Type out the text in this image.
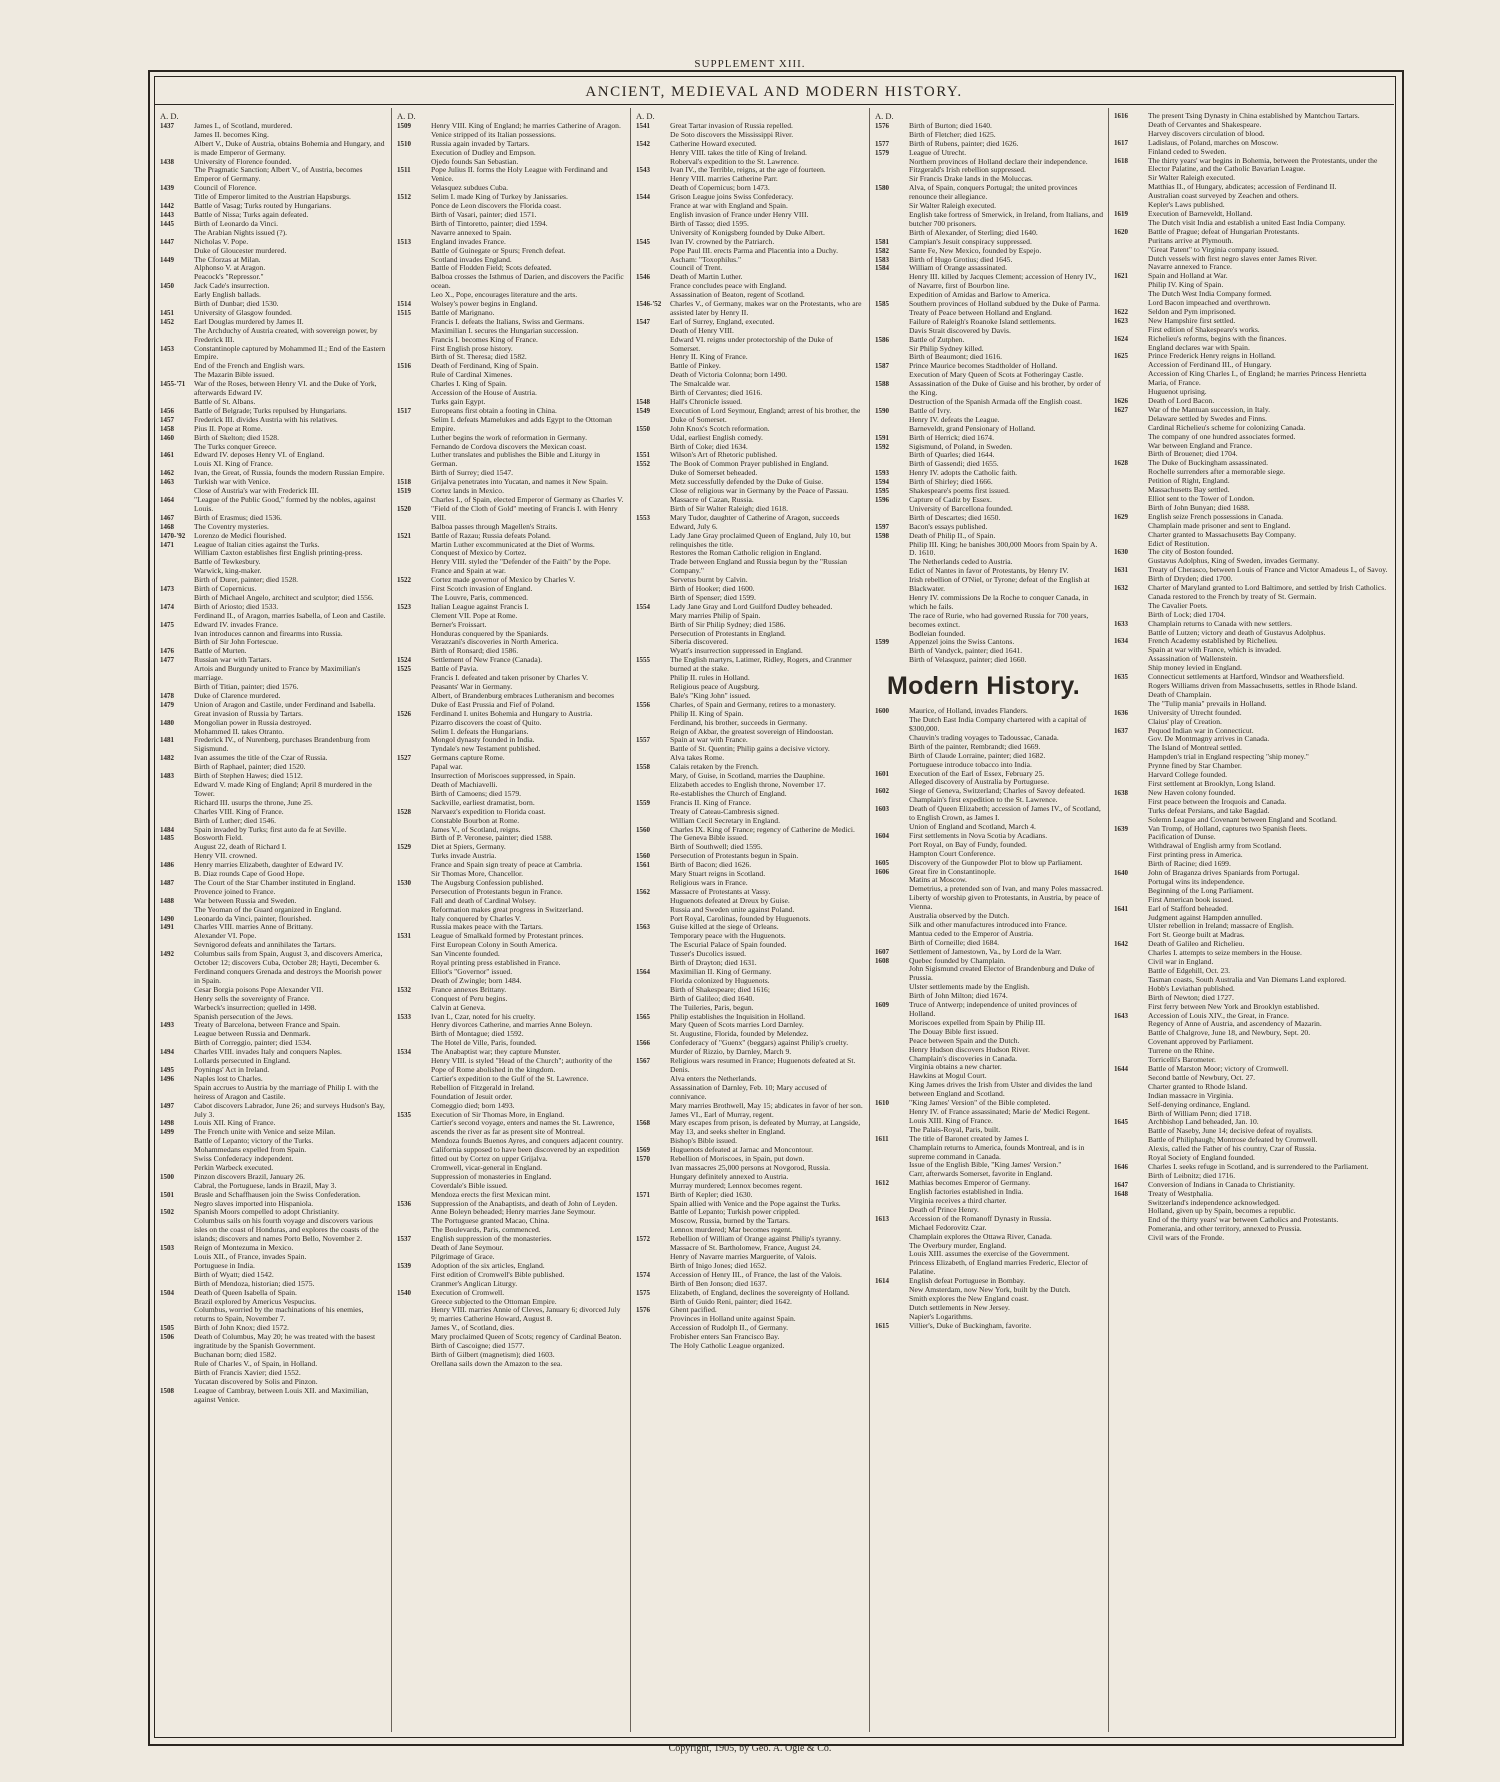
SUPPLEMENT XIII.
ANCIENT, MEDIEVAL AND MODERN HISTORY.
A. D.
1437	James I., of Scotland, murdered.
James II. becomes King.
Albert V., Duke of Austria, obtains Bohemia and Hungary, and is made Emperor of Germany.
1438	University of Florence founded.
The Pragmatic Sanction; Albert V., of Austria, becomes Emperor of Germany.
1439	Council of Florence.
Title of Emperor limited to the Austrian Hapsburgs.
1442	Battle of Vasag; Turks routed by Hungarians.
1443	Battle of Nissa; Turks again defeated.
1445	Birth of Leonardo da Vinci.
The Arabian Nights issued (?).
1447	Nicholas V. Pope.
Duke of Gloucester murdered.
1449	The Cforzas at Milan.
Alphonso V. at Aragon.
Peacock's "Repressor."
1450	Jack Cade's insurrection.
Early English ballads.
Birth of Dunbar; died 1530.
1451	University of Glasgow founded.
1452	Earl Douglas murdered by James II.
The Archduchy of Austria created, with sovereign power, by Frederick III.
1453	Constantinople captured by Mohammed II.; End of the Eastern Empire.
End of the French and English wars.
The Mazarin Bible issued.
1455-'71	War of the Roses, between Henry VI. and the Duke of York, afterwards Edward IV.
Battle of St. Albans.
1456	Battle of Belgrade; Turks repulsed by Hungarians.
1457	Frederick III. divides Austria with his relatives.
1458	Pius II. Pope at Rome.
1460	Birth of Skelton; died 1528.
The Turks conquer Greece.
1461	Edward IV. deposes Henry VI. of England.
Louis XI. King of France.
1462	Ivan, the Great, of Russia, founds the modern Russian Empire.
1463	Turkish war with Venice.
Close of Austria's war with Frederick III.
1464	"League of the Public Good," formed by the nobles, against Louis.
1467	Birth of Erasmus; died 1536.
1468	The Coventry mysteries.
1470-'92	Lorenzo de Medici flourished.
1471	League of Italian cities against the Turks.
William Caxton establishes first English printing-press.
Battle of Tewkesbury.
Warwick, king-maker.
Birth of Durer, painter; died 1528.
1473	Birth of Copernicus.
Birth of Michael Angelo, architect and sculptor; died 1556.
1474	Birth of Ariosto; died 1533.
Ferdinand II., of Aragon, marries Isabella, of Leon and Castile.
1475	Edward IV. invades France.
Ivan introduces cannon and firearms into Russia.
Birth of Sir John Fortescue.
1476	Battle of Murten.
1477	Russian war with Tartars.
Artois and Burgundy united to France by Maximilian's marriage.
Birth of Titian, painter; died 1576.
1478	Duke of Clarence murdered.
1479	Union of Aragon and Castile, under Ferdinand and Isabella.
Great invasion of Russia by Tartars.
1480	Mongolian power in Russia destroyed.
Mohammed II. takes Otranto.
1481	Frederick IV., of Nurenberg, purchases Brandenburg from Sigismund.
1482	Ivan assumes the title of the Czar of Russia.
Birth of Raphael, painter; died 1520.
1483	Birth of Stephen Hawes; died 1512.
Edward V. made King of England; April 8 murdered in the Tower.
Richard III. usurps the throne, June 25.
Charles VIII. King of France.
Birth of Luther; died 1546.
1484	Spain invaded by Turks; first auto da fe at Seville.
1485	Bosworth Field.
August 22, death of Richard I.
Henry VII. crowned.
1486	Henry marries Elizabeth, daughter of Edward IV.
B. Diaz rounds Cape of Good Hope.
1487	The Court of the Star Chamber instituted in England.
Provence joined to France.
1488	War between Russia and Sweden.
The Yeoman of the Guard organized in England.
1490	Leonardo da Vinci, painter, flourished.
1491	Charles VIII. marries Anne of Brittany.
Alexander VI. Pope.
Sevnigorod defeats and annihilates the Tartars.
1492	Columbus sails from Spain, August 3, and discovers America, October 12; discovers Cuba, October 28; Hayti, December 6.
Ferdinand conquers Grenada and destroys the Moorish power in Spain.
Cesar Borgia poisons Pope Alexander VII.
Henry sells the sovereignty of France.
Warbeck's insurrection; quelled in 1498.
Spanish persecution of the Jews.
1493	Treaty of Barcelona, between France and Spain.
League between Russia and Denmark.
Birth of Correggio, painter; died 1534.
1494	Charles VIII. invades Italy and conquers Naples.
Lollards persecuted in England.
1495	Poynings' Act in Ireland.
1496	Naples lost to Charles.
Spain accrues to Austria by the marriage of Philip I. with the heiress of Aragon and Castile.
1497	Cabot discovers Labrador, June 26; and surveys Hudson's Bay, July 3.
1498	Louis XII. King of France.
1499	The French unite with Venice and seize Milan.
Battle of Lepanto; victory of the Turks.
Mohammedans expelled from Spain.
Swiss Confederacy independent.
Perkin Warbeck executed.
1500	Pinzon discovers Brazil, January 26.
Cabral, the Portuguese, lands in Brazil, May 3.
1501	Brasle and Schaffhausen join the Swiss Confederation.
Negro slaves imported into Hispaniola.
1502	Spanish Moors compelled to adopt Christianity.
Columbus sails on his fourth voyage and discovers various isles on the coast of Honduras, and explores the coasts of the islands; discovers and names Porto Bello, November 2.
1503	Reign of Montezuma in Mexico.
Louis XII., of France, invades Spain.
Portuguese in India.
Birth of Wyatt; died 1542.
Birth of Mendoza, historian; died 1575.
1504	Death of Queen Isabella of Spain.
Brazil explored by Americus Vespucius.
Columbus, worried by the machinations of his enemies, returns to Spain, November 7.
1505	Birth of John Knox; died 1572.
1506	Death of Columbus, May 20; he was treated with the basest ingratitude by the Spanish Government.
Buchanan born; died 1582.
Rule of Charles V., of Spain, in Holland.
Birth of Francis Xavier; died 1552.
Yucatan discovered by Solis and Pinzon.
1508	League of Cambray, between Louis XII. and Maximilian, against Venice.
A. D.
1509	Henry VIII. King of England; he marries Catherine of Aragon.
Venice stripped of its Italian possessions.
1510	Russia again invaded by Tartars.
Execution of Dudley and Empson.
Ojedo founds San Sebastian.
1511	Pope Julius II. forms the Holy League with Ferdinand and Venice.
Velasquez subdues Cuba.
1512	Selim I. made King of Turkey by Janissaries.
Ponce de Leon discovers the Florida coast.
Birth of Vasari, painter; died 1571.
Birth of Tintoretto, painter; died 1594.
Navarre annexed to Spain.
1513	England invades France.
Battle of Guinegate or Spurs; French defeat.
Scotland invades England.
Battle of Flodden Field; Scots defeated.
Balboa crosses the Isthmus of Darien, and discovers the Pacific ocean.
Leo X., Pope, encourages literature and the arts.
1514	Wolsey's power begins in England.
1515	Battle of Marignano.
Francis I. defeats the Italians, Swiss and Germans.
Maximilian I. secures the Hungarian succession.
Francis I. becomes King of France.
First English prose history.
Birth of St. Theresa; died 1582.
1516	Death of Ferdinand, King of Spain.
Rule of Cardinal Ximenes.
Charles I. King of Spain.
Accession of the House of Austria.
Turks gain Egypt.
1517	Europeans first obtain a footing in China.
Selim I. defeats Mamelukes and adds Egypt to the Ottoman Empire.
Luther begins the work of reformation in Germany.
Fernando de Cordova discovers the Mexican coast.
Luther translates and publishes the Bible and Liturgy in German.
Birth of Surrey; died 1547.
1518	Grijalva penetrates into Yucatan, and names it New Spain.
1519	Cortez lands in Mexico.
Charles I., of Spain, elected Emperor of Germany as Charles V.
1520	"Field of the Cloth of Gold" meeting of Francis I. with Henry VIII.
Balboa passes through Magellen's Straits.
1521	Battle of Razau; Russia defeats Poland.
Martin Luther excommunicated at the Diet of Worms.
Conquest of Mexico by Cortez.
Henry VIII. styled the "Defender of the Faith" by the Pope.
France and Spain at war.
1522	Cortez made governor of Mexico by Charles V.
First Scotch invasion of England.
The Louvre, Paris, commenced.
1523	Italian League against Francis I.
Clement VII. Pope at Rome.
Berner's Froissart.
Honduras conquered by the Spaniards.
Verazzani's discoveries in North America.
Birth of Ronsard; died 1586.
1524	Settlement of New France (Canada).
1525	Battle of Pavia.
Francis I. defeated and taken prisoner by Charles V.
Peasants' War in Germany.
Albert, of Brandenburg embraces Lutheranism and becomes Duke of East Prussia and Fief of Poland.
1526	Ferdinand I. unites Bohemia and Hungary to Austria.
Pizarro discovers the coast of Quito.
Selim I. defeats the Hungarians.
Mongol dynasty founded in India.
Tyndale's new Testament published.
1527	Germans capture Rome.
Papal war.
Insurrection of Moriscoes suppressed, in Spain.
Death of Machiavelli.
Birth of Camoens; died 1579.
Sackville, earliest dramatist, born.
1528	Narvaez's expedition to Florida coast.
Constable Bourbon at Rome.
James V., of Scotland, reigns.
Birth of P. Veronese, painter; died 1588.
1529	Diet at Spiers, Germany.
Turks invade Austria.
France and Spain sign treaty of peace at Cambria.
Sir Thomas More, Chancellor.
1530	The Augsburg Confession published.
Persecution of Protestants begun in France.
Fall and death of Cardinal Wolsey.
Reformation makes great progress in Switzerland.
Italy conquered by Charles V.
Russia makes peace with the Tartars.
1531	League of Smalkald formed by Protestant princes.
First European Colony in South America.
San Vincente founded.
Royal printing press established in France.
Elliot's "Governor" issued.
Death of Zwingle; born 1484.
1532	France annexes Brittany.
Conquest of Peru begins.
Calvin at Geneva.
1533	Ivan I., Czar, noted for his cruelty.
Henry divorces Catherine, and marries Anne Boleyn.
Birth of Montague; died 1592.
The Hotel de Ville, Paris, founded.
1534	The Anabaptist war; they capture Munster.
Henry VIII. is styled "Head of the Church"; authority of the Pope of Rome abolished in the kingdom.
Cartier's expedition to the Gulf of the St. Lawrence.
Rebellion of Fitzgerald in Ireland.
Foundation of Jesuit order.
Comeggio died; born 1493.
1535	Execution of Sir Thomas More, in England.
Cartier's second voyage, enters and names the St. Lawrence, ascends the river as far as present site of Montreal.
Mendoza founds Buenos Ayres, and conquers adjacent country.
California supposed to have been discovered by an expedition fitted out by Cortez on upper Grijalva.
Cromwell, vicar-general in England.
Suppression of monasteries in England.
Coverdale's Bible issued.
Mendoza erects the first Mexican mint.
1536	Suppression of the Anabaptists, and death of John of Leyden.
Anne Boleyn beheaded; Henry marries Jane Seymour.
The Portuguese granted Macao, China.
The Boulevards, Paris, commenced.
1537	English suppression of the monasteries.
Death of Jane Seymour.
Pilgrimage of Grace.
1539	Adoption of the six articles, England.
First edition of Cromwell's Bible published.
Cranmer's Anglican Liturgy.
1540	Execution of Cromwell.
Greece subjected to the Ottoman Empire.
Henry VIII. marries Annie of Cleves, January 6; divorced July 9; marries Catherine Howard, August 8.
James V., of Scotland, dies.
Mary proclaimed Queen of Scots; regency of Cardinal Beaton.
Birth of Cascoigne; died 1577.
Birth of Gilbert (magnetism); died 1603.
Orellana sails down the Amazon to the sea.
A. D.
1541	Great Tartar invasion of Russia repelled.
De Soto discovers the Mississippi River.
1542	Catherine Howard executed.
Henry VIII. takes the title of King of Ireland.
Roberval's expedition to the St. Lawrence.
1543	Ivan IV., the Terrible, reigns, at the age of fourteen.
Henry VIII. marries Catherine Parr.
Death of Copernicus; born 1473.
1544	Grison League joins Swiss Confederacy.
France at war with England and Spain.
English invasion of France under Henry VIII.
Birth of Tasso; died 1595.
University of Konigsberg founded by Duke Albert.
1545	Ivan IV. crowned by the Patriarch.
Pope Paul III. erects Parma and Placentia into a Duchy.
Ascham: "Toxophilus."
Council of Trent.
1546	Death of Martin Luther.
France concludes peace with England.
Assassination of Beaton, regent of Scotland.
1546-'52	Charles V., of Germany, makes war on the Protestants, who are assisted later by Henry II.
1547	Earl of Surrey, England, executed.
Death of Henry VIII.
Edward VI. reigns under protectorship of the Duke of Somerset.
Henry II. King of France.
Battle of Pinkey.
Death of Victoria Colonna; born 1490.
The Smalcalde war.
Birth of Cervantes; died 1616.
1548	Hall's Chronicle issued.
1549	Execution of Lord Seymour, England; arrest of his brother, the Duke of Somerset.
1550	John Knox's Scotch reformation.
Udal, earliest English comedy.
Birth of Coke; died 1634.
1551	Wilson's Art of Rhetoric published.
1552	The Book of Common Prayer published in England.
Duke of Somerset beheaded.
Metz successfully defended by the Duke of Guise.
Close of religious war in Germany by the Peace of Passau.
Massacre of Cazan, Russia.
Birth of Sir Walter Raleigh; died 1618.
1553	Mary Tudor, daughter of Catherine of Aragon, succeeds Edward, July 6.
Lady Jane Gray proclaimed Queen of England, July 10, but relinquishes the title.
Restores the Roman Catholic religion in England.
Trade between England and Russia begun by the "Russian Company."
Servetus burnt by Calvin.
Birth of Hooker; died 1600.
Birth of Spenser; died 1599.
1554	Lady Jane Gray and Lord Guilford Dudley beheaded.
Mary marries Philip of Spain.
Birth of Sir Philip Sydney; died 1586.
Persecution of Protestants in England.
Siberia discovered.
Wyatt's insurrection suppressed in England.
1555	The English martyrs, Latimer, Ridley, Rogers, and Cranmer burned at the stake.
Philip II. rules in Holland.
Religious peace of Augsburg.
Bale's "King John" issued.
1556	Charles, of Spain and Germany, retires to a monastery.
Philip II. King of Spain.
Ferdinand, his brother, succeeds in Germany.
Reign of Akbar, the greatest sovereign of Hindoostan.
1557	Spain at war with France.
Battle of St. Quentin; Philip gains a decisive victory.
Alva takes Rome.
1558	Calais retaken by the French.
Mary, of Guise, in Scotland, marries the Dauphine.
Elizabeth accedes to English throne, November 17.
Re-establishes the Church of England.
1559	Francis II. King of France.
Treaty of Cateau-Cambresis signed.
William Cecil Secretary in England.
1560	Charles IX. King of France; regency of Catherine de Medici.
The Geneva Bible issued.
Birth of Southwell; died 1595.
1560	Persecution of Protestants begun in Spain.
1561	Birth of Bacon; died 1626.
Mary Stuart reigns in Scotland.
Religious wars in France.
1562	Massacre of Protestants at Vassy.
Huguenots defeated at Dreux by Guise.
Russia and Sweden unite against Poland.
Port Royal, Carolinas, founded by Huguenots.
1563	Guise killed at the siege of Orleans.
Temporary peace with the Huguenots.
The Escurial Palace of Spain founded.
Tusser's Ducolics issued.
Birth of Drayton; died 1631.
1564	Maximilian II. King of Germany.
Florida colonized by Huguenots.
Birth of Shakespeare; died 1616;
Birth of Galileo; died 1640.
The Tuileries, Paris, begun.
1565	Philip establishes the Inquisition in Holland.
Mary Queen of Scots marries Lord Darnley.
St. Augustine, Florida, founded by Melendez.
1566	Confederacy of "Guenx" (beggars) against Philip's cruelty.
Murder of Rizzio, by Darnley, March 9.
1567	Religious wars resumed in France; Huguenots defeated at St. Denis.
Alva enters the Netherlands.
Assassination of Darnley, Feb. 10; Mary accused of connivance.
Mary marries Brothwell, May 15; abdicates in favor of her son.
James VI., Earl of Murray, regent.
1568	Mary escapes from prison, is defeated by Murray, at Langside, May 13, and seeks shelter in England.
Bishop's Bible issued.
1569	Huguenots defeated at Jarnac and Moncontour.
1570	Rebellion of Moriscoes, in Spain, put down.
Ivan massacres 25,000 persons at Novgorod, Russia.
Hungary definitely annexed to Austria.
Murray murdered; Lennox becomes regent.
1571	Birth of Kepler; died 1630.
Spain allied with Venice and the Pope against the Turks.
Battle of Lepanto; Turkish power crippled.
Moscow, Russia, burned by the Tartars.
Lennox murdered; Mar becomes regent.
1572	Rebellion of William of Orange against Philip's tyranny.
Massacre of St. Bartholomew, France, August 24.
Henry of Navarre marries Marguerite, of Valois.
Birth of Inigo Jones; died 1652.
1574	Accession of Henry III., of France, the last of the Valois.
Birth of Ben Jonson; died 1637.
1575	Elizabeth, of England, declines the sovereignty of Holland.
Birth of Guido Reni, painter; died 1642.
1576	Ghent pacified.
Provinces in Holland unite against Spain.
Accession of Rudolph II., of Germany.
Frobisher enters San Francisco Bay.
The Holy Catholic League organized.
A. D.
1576	Birth of Burton; died 1640.
Birth of Fletcher; died 1625.
1577	Birth of Rubens, painter; died 1626.
1579	League of Utrecht.
Northern provinces of Holland declare their independence.
Fitzgerald's Irish rebellion suppressed.
Sir Francis Drake lands in the Moluccas.
1580	Alva, of Spain, conquers Portugal; the united provinces renounce their allegiance.
Sir Walter Raleigh executed.
English take fortress of Smerwick, in Ireland, from Italians, and butcher 700 prisoners.
Birth of Alexander, of Sterling; died 1640.
1581	Campian's Jesuit conspiracy suppressed.
1582	Sante Fe, New Mexico, founded by Espejo.
1583	Birth of Hugo Grotius; died 1645.
1584	William of Orange assassinated.
Henry III. killed by Jacques Clement; accession of Henry IV., of Navarre, first of Bourbon line.
Expedition of Amidas and Barlow to America.
1585	Southern provinces of Holland subdued by the Duke of Parma.
Treaty of Peace between Holland and England.
Failure of Raleigh's Roanoke Island settlements.
Davis Strait discovered by Davis.
1586	Battle of Zutphen.
Sir Philip Sydney killed.
Birth of Beaumont; died 1616.
1587	Prince Maurice becomes Stadtholder of Holland.
Execution of Mary Queen of Scots at Fotheringay Castle.
1588	Assassination of the Duke of Guise and his brother, by order of the King.
Destruction of the Spanish Armada off the English coast.
1590	Battle of Ivry.
Henry IV. defeats the League.
Barneveldt, grand Pensionary of Holland.
1591	Birth of Herrick; died 1674.
1592	Sigismund, of Poland, in Sweden.
Birth of Quarles; died 1644.
Birth of Gassendi; died 1655.
1593	Henry IV. adopts the Catholic faith.
1594	Birth of Shirley; died 1666.
1595	Shakespeare's poems first issued.
1596	Capture of Cadiz by Essex.
University of Barcellona founded.
Birth of Descartes; died 1650.
1597	Bacon's essays published.
1598	Death of Philip II., of Spain.
Philip III. King; he banishes 300,000 Moors from Spain by A. D. 1610.
The Netherlands ceded to Austria.
Edict of Nantes in favor of Protestants, by Henry IV.
Irish rebellion of O'Niel, or Tyrone; defeat of the English at Blackwater.
Henry IV. commissions De la Roche to conquer Canada, in which he fails.
The race of Rurie, who had governed Russia for 700 years, becomes extinct.
Bodleian founded.
1599	Appenzel joins the Swiss Cantons.
Birth of Vandyck, painter; died 1641.
Birth of Velasquez, painter; died 1660.
Modern History.
1600	Maurice, of Holland, invades Flanders.
The Dutch East India Company chartered with a capital of $300,000.
Chauvin's trading voyages to Tadoussac, Canada.
Birth of the painter, Rembrandt; died 1669.
Birth of Claude Lorraine, painter; died 1682.
Portuguese introduce tobacco into India.
1601	Execution of the Earl of Essex, February 25.
Alleged discovery of Australia by Portuguese.
1602	Siege of Geneva, Switzerland; Charles of Savoy defeated.
Champlain's first expedition to the St. Lawrence.
1603	Death of Queen Elizabeth; accession of James IV., of Scotland, to English Crown, as James I.
Union of England and Scotland, March 4.
1604	First settlements in Nova Scotia by Acadians.
Port Royal, on Bay of Fundy, founded.
Hampton Court Conference.
1605	Discovery of the Gunpowder Plot to blow up Parliament.
1606	Great fire in Constantinople.
Matins at Moscow.
Demetrius, a pretended son of Ivan, and many Poles massacred.
Liberty of worship given to Protestants, in Austria, by peace of Vienna.
Australia observed by the Dutch.
Silk and other manufactures introduced into France.
Mantua ceded to the Emperor of Austria.
Birth of Corneille; died 1684.
1607	Settlement of Jamestown, Va., by Lord de la Warr.
1608	Quebec founded by Champlain.
John Sigismund created Elector of Brandenburg and Duke of Prussia.
Ulster settlements made by the English.
Birth of John Milton; died 1674.
1609	Truce of Antwerp; independence of united provinces of Holland.
Moriscoes expelled from Spain by Philip III.
The Douay Bible first issued.
Peace between Spain and the Dutch.
Henry Hudson discovers Hudson River.
Champlain's discoveries in Canada.
Virginia obtains a new charter.
Hawkins at Mogul Court.
King James drives the Irish from Ulster and divides the land between England and Scotland.
1610	"King James' Version" of the Bible completed.
Henry IV. of France assassinated; Marie de' Medici Regent.
Louis XIII. King of France.
The Palais-Royal, Paris, built.
1611	The title of Baronet created by James I.
Champlain returns to America, founds Montreal, and is in supreme command in Canada.
Issue of the English Bible, "King James' Version."
Carr, afterwards Somerset, favorite in England.
1612	Mathias becomes Emperor of Germany.
English factories established in India.
Virginia receives a third charter.
Death of Prince Henry.
1613	Accession of the Romanoff Dynasty in Russia.
Michael Fedorovitz Czar.
Champlain explores the Ottawa River, Canada.
The Overbury murder, England.
Louis XIII. assumes the exercise of the Government.
Princess Elizabeth, of England marries Frederic, Elector of Palatine.
1614	English defeat Portuguese in Bombay.
New Amsterdam, now New York, built by the Dutch.
Smith explores the New England coast.
Dutch settlements in New Jersey.
Napier's Logarithms.
1615	Villier's, Duke of Buckingham, favorite.
1616	The present Tsing Dynasty in China established by Mantchou Tartars.
Death of Cervantes and Shakespeare.
Harvey discovers circulation of blood.
1617	Ladislaus, of Poland, marches on Moscow.
Finland ceded to Sweden.
1618	The thirty years' war begins in Bohemia, between the Protestants, under the Elector Palatine, and the Catholic Bavarian League.
Sir Walter Raleigh executed.
Matthias II., of Hungary, abdicates; accession of Ferdinand II.
Australian coast surveyed by Zeachen and others.
Kepler's Laws published.
1619	Execution of Barneveldt, Holland.
The Dutch visit India and establish a united East India Company.
1620	Battle of Prague; defeat of Hungarian Protestants.
Puritans arrive at Plymouth.
"Great Patent" to Virginia company issued.
Dutch vessels with first negro slaves enter James River.
Navarre annexed to France.
1621	Spain and Holland at War.
Philip IV. King of Spain.
The Dutch West India Company formed.
Lord Bacon impeached and overthrown.
1622	Seldon and Pym imprisoned.
1623	New Hampshire first settled.
First edition of Shakespeare's works.
1624	Richelieu's reforms, begins with the finances.
England declares war with Spain.
1625	Prince Frederick Henry reigns in Holland.
Accession of Ferdinand III., of Hungary.
Accession of King Charles I., of England; he marries Princess Henrietta Maria, of France.
Huguenot uprising.
1626	Death of Lord Bacon.
1627	War of the Mantuan succession, in Italy.
Delaware settled by Swedes and Finns.
Cardinal Richelieu's scheme for colonizing Canada.
The company of one hundred associates formed.
War between England and France.
Birth of Brouenet; died 1704.
1628	The Duke of Buckingham assassinated.
Rochelle surrenders after a memorable siege.
Petition of Right, England.
Massachusetts Bay settled.
Elliot sent to the Tower of London.
Birth of John Bunyan; died 1688.
1629	English seize French possessions in Canada.
Champlain made prisoner and sent to England.
Charter granted to Massachusetts Bay Company.
Edict of Restitution.
1630	The city of Boston founded.
Gustavus Adolphus, King of Sweden, invades Germany.
1631	Treaty of Cherasco, between Louis of France and Victor Amadeus I., of Savoy.
Birth of Dryden; died 1700.
1632	Charter of Maryland granted to Lord Baltimore, and settled by Irish Catholics.
Canada restored to the French by treaty of St. Germain.
The Cavalier Poets.
Birth of Lock; died 1704.
1633	Champlain returns to Canada with new settlers.
Battle of Lutzen; victory and death of Gustavus Adolphus.
1634	French Academy established by Richelieu.
Spain at war with France, which is invaded.
Assassination of Wallenstein.
Ship money levied in England.
1635	Connecticut settlements at Hartford, Windsor and Weathersfield.
Rogers Williams driven from Massachusetts, settles in Rhode Island.
Death of Champlain.
The "Tulip mania" prevails in Holland.
1636	University of Utrecht founded.
Claius' play of Creation.
1637	Pequod Indian war in Connecticut.
Gov. De Montmagny arrives in Canada.
The Island of Montreal settled.
Hampden's trial in England respecting "ship money."
Prynne fined by Star Chamber.
Harvard College founded.
First settlement at Brooklyn, Long Island.
1638	New Haven colony founded.
First peace between the Iroquois and Canada.
Turks defeat Persians, and take Bagdad.
Solemn League and Covenant between England and Scotland.
1639	Van Tromp, of Holland, captures two Spanish fleets.
Pacification of Dunse.
Withdrawal of English army from Scotland.
First printing press in America.
Birth of Racine; died 1699.
1640	John of Braganza drives Spaniards from Portugal.
Portugal wins its independence.
Beginning of the Long Parliament.
First American book issued.
1641	Earl of Stafford beheaded.
Judgment against Hampden annulled.
Ulster rebellion in Ireland; massacre of English.
Fort St. George built at Madras.
1642	Death of Galileo and Richelieu.
Charles I. attempts to seize members in the House.
Civil war in England.
Battle of Edgehill, Oct. 23.
Tasman coasts, South Australia and Van Diemans Land explored.
Hobb's Leviathan published.
Birth of Newton; died 1727.
First ferry between New York and Brooklyn established.
1643	Accession of Louis XIV., the Great, in France.
Regency of Anne of Austria, and ascendency of Mazarin.
Battle of Chalgrove, June 18, and Newbury, Sept. 20.
Covenant approved by Parliament.
Turrene on the Rhine.
Torricelli's Barometer.
1644	Battle of Marston Moor; victory of Cromwell.
Second battle of Newbury, Oct. 27.
Charter granted to Rhode Island.
Indian massacre in Virginia.
Self-denying ordinance, England.
Birth of William Penn; died 1718.
1645	Archbishop Land beheaded, Jan. 10.
Battle of Naseby, June 14; decisive defeat of royalists.
Battle of Philiphaugh; Montrose defeated by Cromwell.
Alexis, called the Father of his country, Czar of Russia.
Royal Society of England founded.
1646	Charles I. seeks refuge in Scotland, and is surrendered to the Parliament.
Birth of Leibnitz; died 1716.
1647	Conversion of Indians in Canada to Christianity.
1648	Treaty of Westphalia.
Switzerland's independence acknowledged.
Holland, given up by Spain, becomes a republic.
End of the thirty years' war between Catholics and Protestants.
Pomerania, and other territory, annexed to Prussia.
Civil wars of the Fronde.
Copyright, 1905, by Geo. A. Ogle & Co.
